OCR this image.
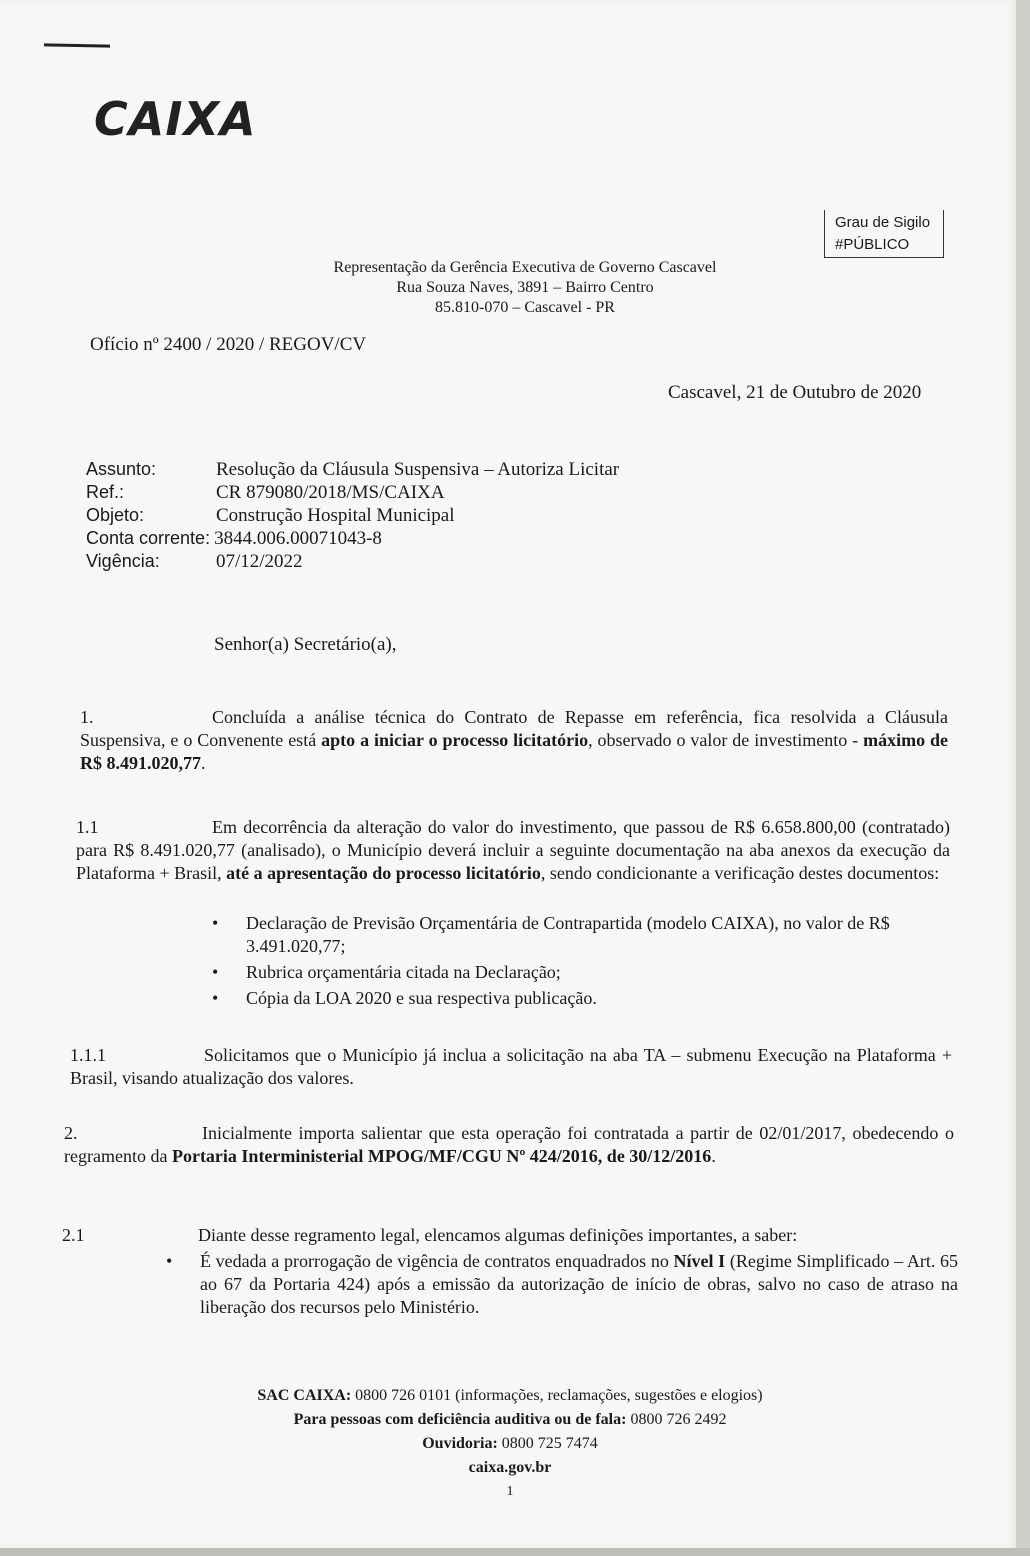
CAIXA
Grau de Sigilo
#PÚBLICO
Representação da Gerência Executiva de Governo Cascavel
Rua Souza Naves, 3891 – Bairro Centro
85.810-070 – Cascavel - PR
Ofício nº 2400 / 2020 / REGOV/CV
Cascavel, 21 de Outubro de 2020
Assunto:	Resolução da Cláusula Suspensiva – Autoriza Licitar
Ref.:	CR 879080/2018/MS/CAIXA
Objeto:	Construção Hospital Municipal
Conta corrente: 3844.006.00071043-8
Vigência:	07/12/2022
Senhor(a) Secretário(a),
1.	Concluída a análise técnica do Contrato de Repasse em referência, fica resolvida a Cláusula Suspensiva, e o Convenente está apto a iniciar o processo licitatório, observado o valor de investimento - máximo de R$ 8.491.020,77.
1.1	Em decorrência da alteração do valor do investimento, que passou de R$ 6.658.800,00 (contratado) para R$ 8.491.020,77 (analisado), o Município deverá incluir a seguinte documentação na aba anexos da execução da Plataforma + Brasil, até a apresentação do processo licitatório, sendo condicionante a verificação destes documentos:
• Declaração de Previsão Orçamentária de Contrapartida (modelo CAIXA), no valor de R$ 3.491.020,77;
• Rubrica orçamentária citada na Declaração;
• Cópia da LOA 2020 e sua respectiva publicação.
1.1.1	Solicitamos que o Município já inclua a solicitação na aba TA – submenu Execução na Plataforma + Brasil, visando atualização dos valores.
2.	Inicialmente importa salientar que esta operação foi contratada a partir de 02/01/2017, obedecendo o regramento da Portaria Interministerial MPOG/MF/CGU Nº 424/2016, de 30/12/2016.
2.1	Diante desse regramento legal, elencamos algumas definições importantes, a saber:
• É vedada a prorrogação de vigência de contratos enquadrados no Nível I (Regime Simplificado – Art. 65 ao 67 da Portaria 424) após a emissão da autorização de início de obras, salvo no caso de atraso na liberação dos recursos pelo Ministério.
SAC CAIXA: 0800 726 0101 (informações, reclamações, sugestões e elogios)
Para pessoas com deficiência auditiva ou de fala: 0800 726 2492
Ouvidoria: 0800 725 7474
caixa.gov.br
1
